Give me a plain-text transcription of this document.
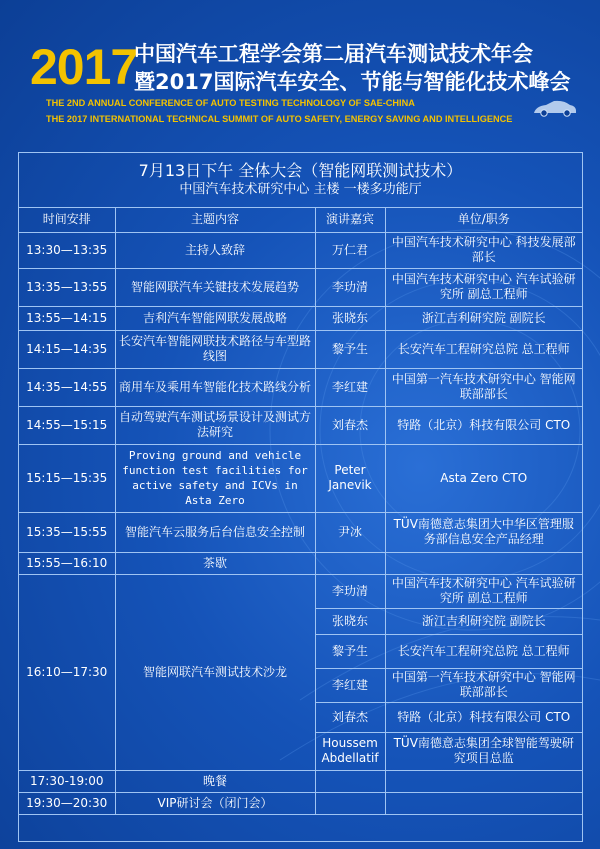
2017
中国汽车工程学会第二届汽车测试技术年会
暨2017国际汽车安全、节能与智能化技术峰会
THE 2ND ANNUAL CONFERENCE OF AUTO TESTING TECHNOLOGY OF SAE-CHINA
THE 2017 INTERNATIONAL TECHNICAL SUMMIT OF AUTO SAFETY, ENERGY SAVING AND INTELLIGENCE
7月13日下午 全体大会（智能网联测试技术）
中国汽车技术研究中心 主楼 一楼多功能厅
时间安排	主题内容	演讲嘉宾	单位/职务
13:30—13:35	主持人致辞	万仁君	中国汽车技术研究中心 科技发展部 部长
13:35—13:55	智能网联汽车关键技术发展趋势	李玏清	中国汽车技术研究中心 汽车试验研究所 副总工程师
13:55—14:15	吉利汽车智能网联发展战略	张晓东	浙江吉利研究院 副院长
14:15—14:35	长安汽车智能网联技术路径与车型路线图	黎予生	长安汽车工程研究总院 总工程师
14:35—14:55	商用车及乘用车智能化技术路线分析	李红建	中国第一汽车技术研究中心 智能网联部部长
14:55—15:15	自动驾驶汽车测试场景设计及测试方法研究	刘春杰	特路（北京）科技有限公司 CTO
15:15—15:35	Proving ground and vehicle function test facilities for active safety and ICVs in Asta Zero	Peter Janevik	Asta Zero CTO
15:35—15:55	智能汽车云服务后台信息安全控制	尹冰	TÜV南德意志集团大中华区管理服务部信息安全产品经理
15:55—16:10	茶歇		
16:10—17:30	智能网联汽车测试技术沙龙	李玏清	中国汽车技术研究中心 汽车试验研究所 副总工程师
		张晓东	浙江吉利研究院 副院长
		黎予生	长安汽车工程研究总院 总工程师
		李红建	中国第一汽车技术研究中心 智能网联部部长
		刘春杰	特路（北京）科技有限公司 CTO
		Houssem Abdellatif	TÜV南德意志集团全球智能驾驶研究项目总监
17:30-19:00	晚餐		
19:30—20:30	VIP研讨会（闭门会）		
